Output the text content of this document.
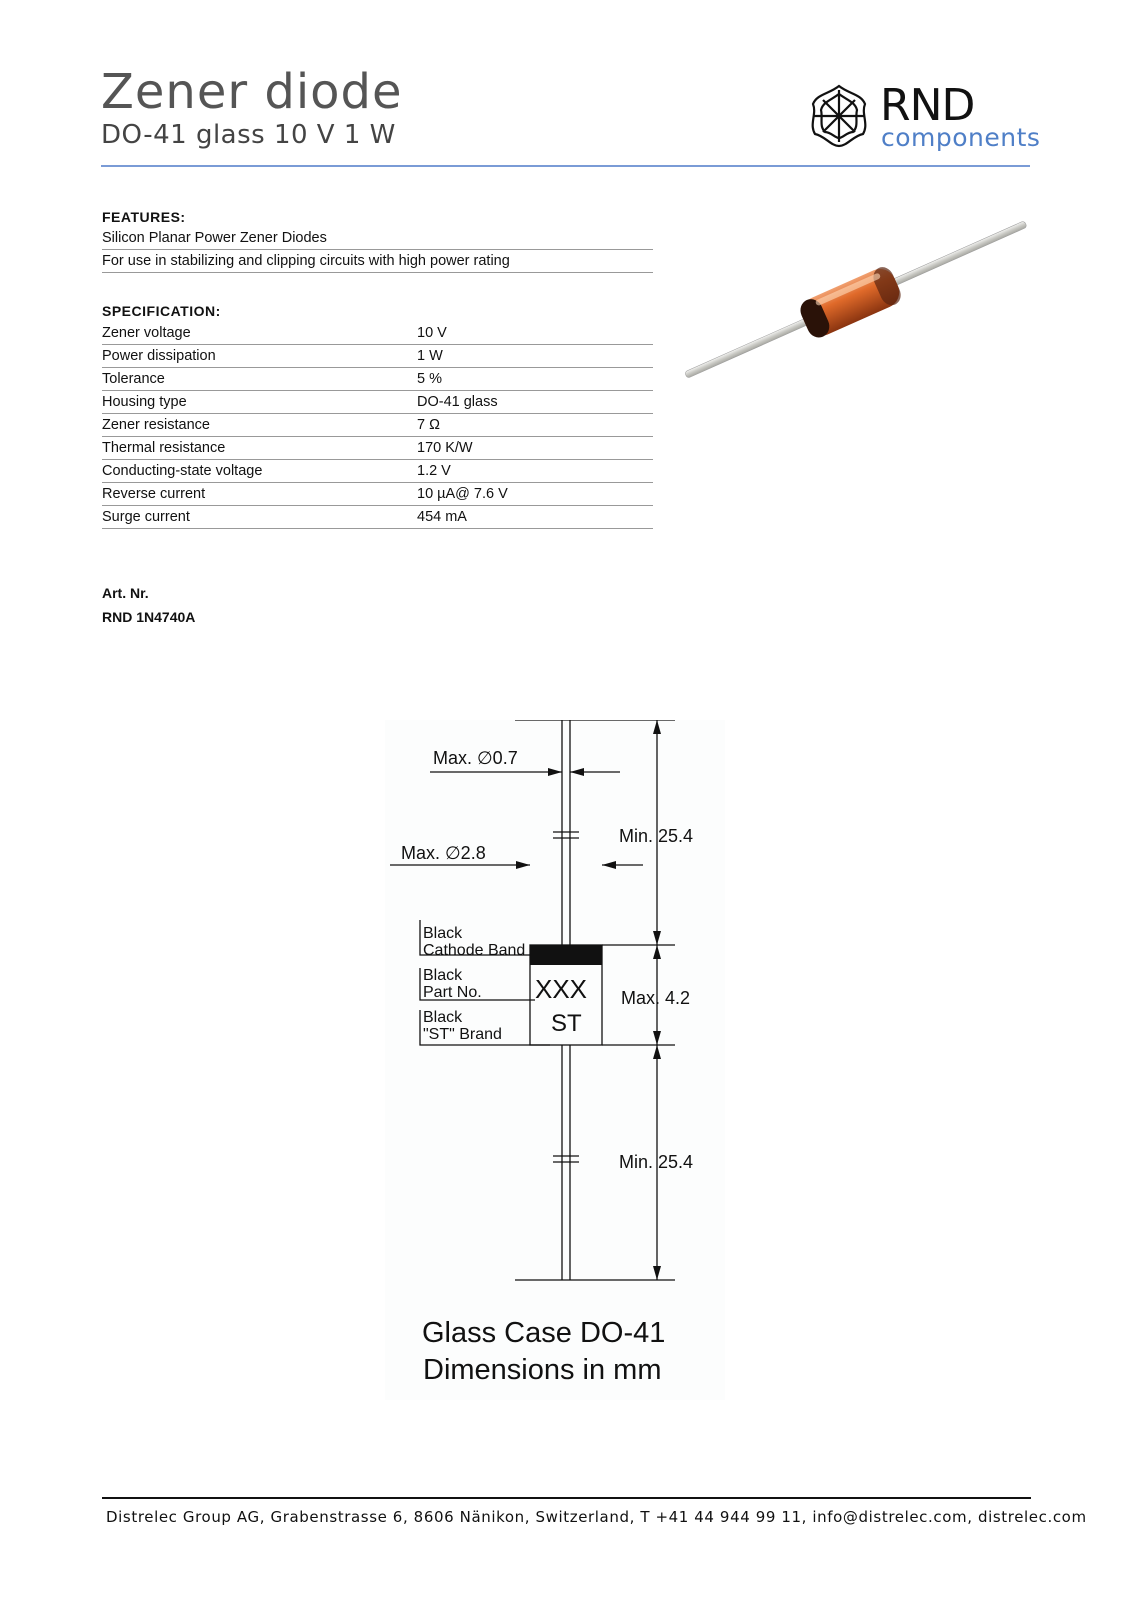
Zener diode
DO-41 glass 10 V 1 W
RND
components
FEATURES:
Silicon Planar Power Zener Diodes
For use in stabilizing and clipping circuits with high power rating
SPECIFICATION:
Zener voltage	10 V
Power dissipation	1 W
Tolerance	5 %
Housing type	DO-41 glass
Zener resistance	7 Ω
Thermal resistance	170 K/W
Conducting-state voltage	1.2 V
Reverse current	10 µA@ 7.6 V
Surge current	454 mA
Art. Nr.
RND 1N4740A
Max. ∅0.7
Max. ∅2.8
Min. 25.4
Max. 4.2
Min. 25.4
Black
Cathode Band
Black
Part No.
Black
"ST" Brand
XXX
ST
Glass Case DO-41
Dimensions in mm
Distrelec Group AG, Grabenstrasse 6, 8606 Nänikon, Switzerland, T +41 44 944 99 11, info@distrelec.com, distrelec.com
